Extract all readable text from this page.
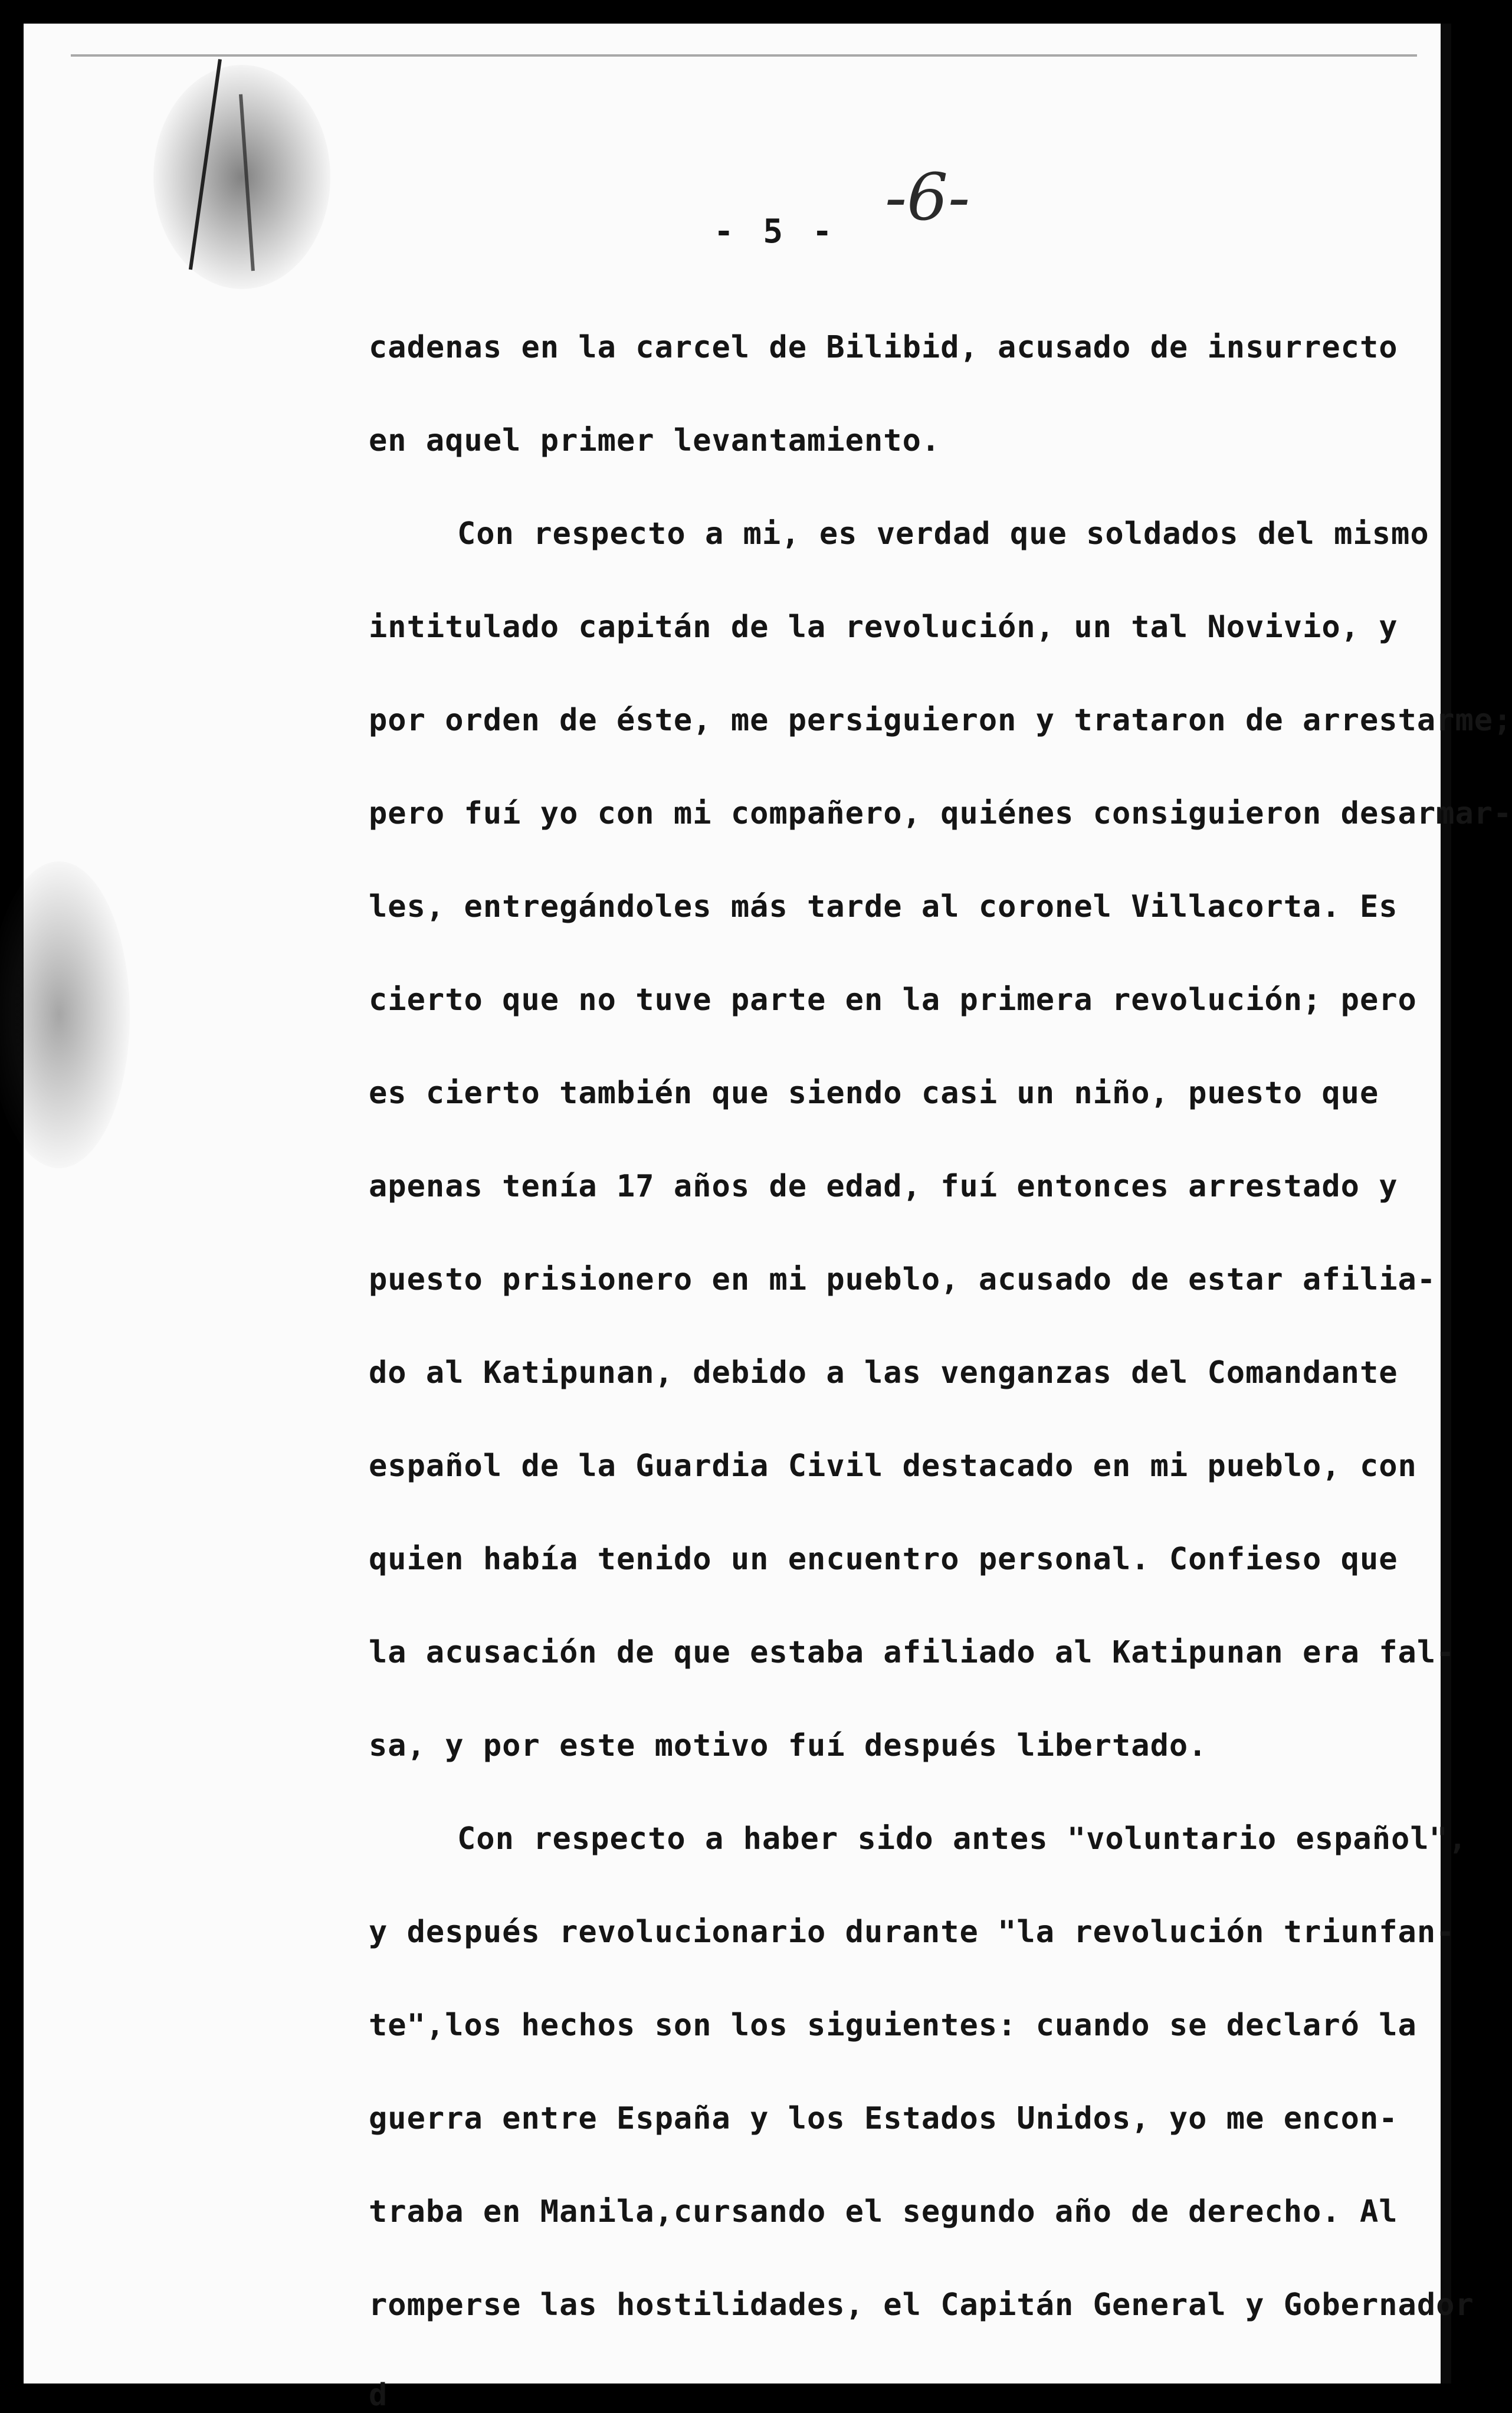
- 5 - -6-
cadenas en la carcel de Bilibid, acusado de insurrecto
en aquel primer levantamiento.
Con respecto a mi, es verdad que soldados del mismo
intitulado capitán de la revolución, un tal Novivio, y
por orden de éste, me persiguieron y trataron de arrestarme;
pero fuí yo con mi compañero, quiénes consiguieron desarmar-
les, entregándoles más tarde al coronel Villacorta. Es
cierto que no tuve parte en la primera revolución; pero
es cierto también que siendo casi un niño, puesto que
apenas tenía 17 años de edad, fuí entonces arrestado y
puesto prisionero en mi pueblo, acusado de estar afilia-
do al Katipunan, debido a las venganzas del Comandante
español de la Guardia Civil destacado en mi pueblo, con
quien había tenido un encuentro personal. Confieso que
la acusación de que estaba afiliado al Katipunan era fal-
sa, y por este motivo fuí después libertado.
Con respecto a haber sido antes "voluntario español",
y después revolucionario durante "la revolución triunfan-
te",los hechos son los siguientes: cuando se declaró la
guerra entre España y los Estados Unidos, yo me encon-
traba en Manila,cursando el segundo año de derecho. Al
romperse las hostilidades, el Capitán General y Gobernador
d
